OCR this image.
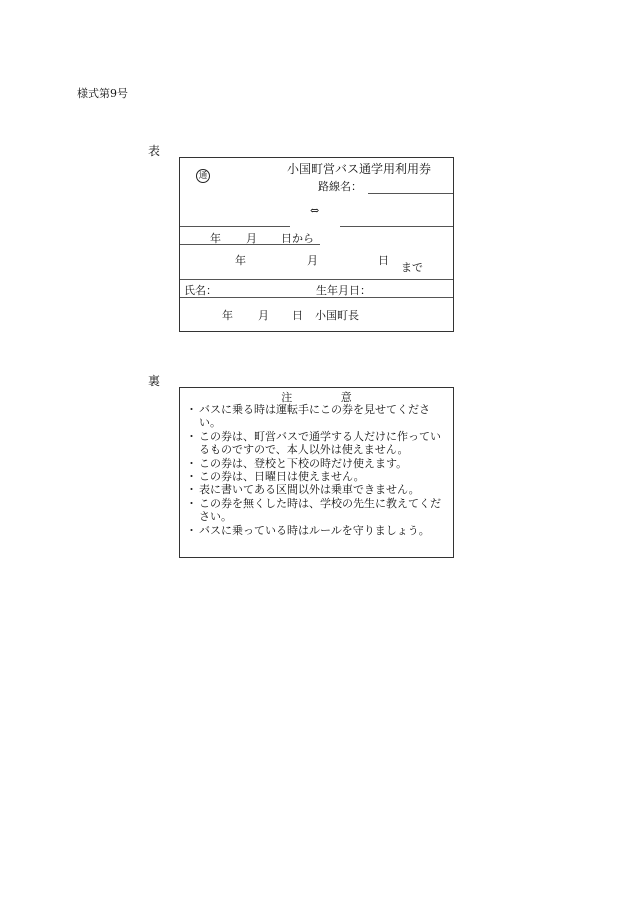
様式第9号
表
通	小国町営バス通学用利用券
路線名：
⇔
年 月 日から
年	月	日
まで
氏名：	生年月日：
年 月 日 小国町長
裏
注	意
・ バスに乗る時は運転手にこの券を見せてください。
・ この券は、町営バスで通学する人だけに作っているものですので、本人以外は使えません。
・ この券は、登校と下校の時だけ使えます。
・ この券は、日曜日は使えません。
・ 表に書いてある区間以外は乗車できません。
・ この券を無くした時は、学校の先生に教えてください。
・ バスに乗っている時はルールを守りましょう。
